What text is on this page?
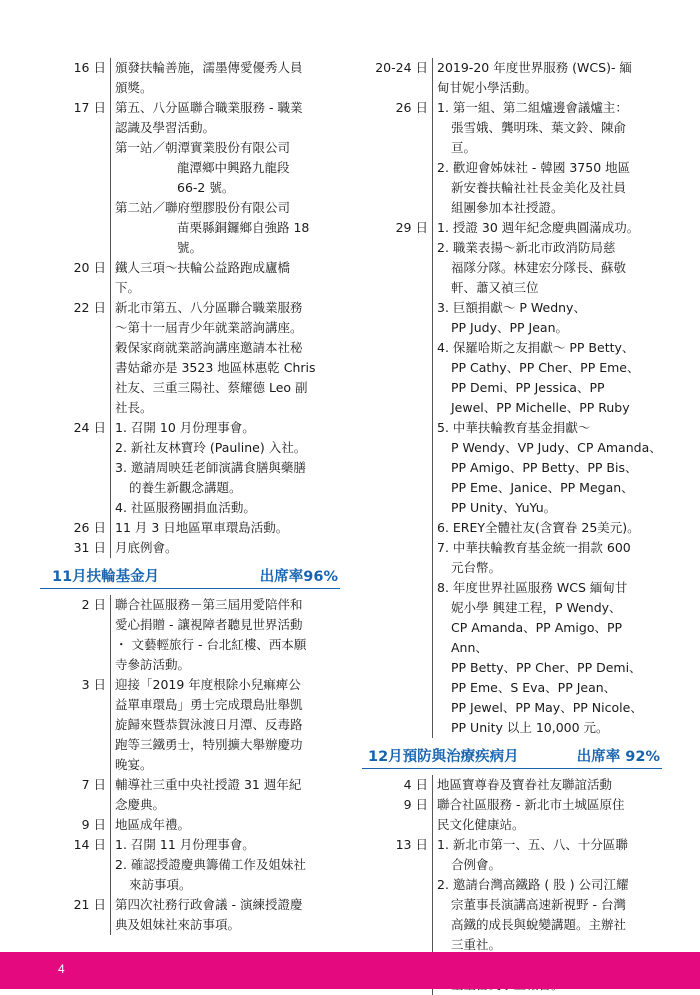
16 日 頒發扶輪善施，濡墨傳愛優秀人員
頒獎。
17 日 第五、八分區聯合職業服務 - 職業
認識及學習活動。
第一站／朝潭實業股份有限公司
龍潭鄉中興路九龍段
66-2 號。
第二站／聯府塑膠股份有限公司
苗栗縣銅鑼鄉自強路 18
號。
20 日 鐵人三項～扶輪公益路跑成廬橋
下。
22 日 新北市第五、八分區聯合職業服務
～第十一屆青少年就業諮詢講座。
穀保家商就業諮詢講座邀請本社秘
書姑爺亦是 3523 地區林惠乾 Chris
社友、三重三陽社、蔡耀德 Leo 副
社長。
24 日 1. 召開 10 月份理事會。
2. 新社友林寶玲 (Pauline) 入社。
3. 邀請周映廷老師演講食膳與藥膳
的養生新觀念講題。
4. 社區服務團捐血活動。
26 日 11 月 3 日地區單車環島活動。
31 日 月底例會。
11月扶輪基金月	出席率96%
2 日 聯合社區服務－第三屆用愛陪伴和
愛心捐贈 - 讓視障者聽見世界活動
・ 文藝輕旅行 - 台北紅樓、西本願
寺參訪活動。
3 日 迎接「2019 年度根除小兒痲痺公
益單車環島」勇士完成環島壯舉凱
旋歸來暨恭賀泳渡日月潭、反毒路
跑等三鐵勇士，特別擴大舉辦慶功
晚宴。
7 日 輔導社三重中央社授證 31 週年紀
念慶典。
9 日 地區成年禮。
14 日 1. 召開 11 月份理事會。
2. 確認授證慶典籌備工作及姐妹社
來訪事項。
21 日 第四次社務行政會議 - 演練授證慶
典及姐妹社來訪事項。
20-24 日 2019-20 年度世界服務 (WCS)- 緬
甸甘妮小學活動。
26 日 1. 第一組、第二組爐邊會議爐主：
張雪娥、龔明珠、葉文鈴、陳俞
亘。
2. 歡迎會姊妹社 - 韓國 3750 地區
新安養扶輪社社長金美化及社員
組團參加本社授證。
29 日 1. 授證 30 週年紀念慶典圓滿成功。
2. 職業表揚～新北市政消防局慈
福隊分隊。林建宏分隊長、蘇敬
軒、蕭又禎三位
3. 巨額捐獻～ P Wedny、
PP Judy、PP Jean。
4. 保羅哈斯之友捐獻～ PP Betty、
PP Cathy、PP Cher、PP Eme、
PP Demi、PP Jessica、PP
Jewel、PP Michelle、PP Ruby
5. 中華扶輪教育基金捐獻～
P Wendy、VP Judy、CP Amanda、
PP Amigo、PP Betty、PP Bis、
PP Eme、Janice、PP Megan、
PP Unity、YuYu。
6. EREY全體社友(含寶眷 25美元)。
7. 中華扶輪教育基金統一捐款 600
元台幣。
8. 年度世界社區服務 WCS 緬甸甘
妮小學 興建工程，P Wendy、
CP Amanda、PP Amigo、PP Ann、
PP Betty、PP Cher、PP Demi、
PP Eme、S Eva、PP Jean、
PP Jewel、PP May、PP Nicole、
PP Unity 以上 10,000 元。
12月預防與治療疾病月	出席率 92%
4 日 地區寶尊眷及寶眷社友聯誼活動
9 日 聯合社區服務 - 新北市土城區原住
民文化健康站。
13 日 1. 新北市第一、五、八、十分區聯
合例會。
2. 邀請台灣高鐵路 ( 股 ) 公司江耀
宗董事長演講高速新視野 - 台灣
高鐵的成長與蛻變講題。主辦社
三重社。
4
